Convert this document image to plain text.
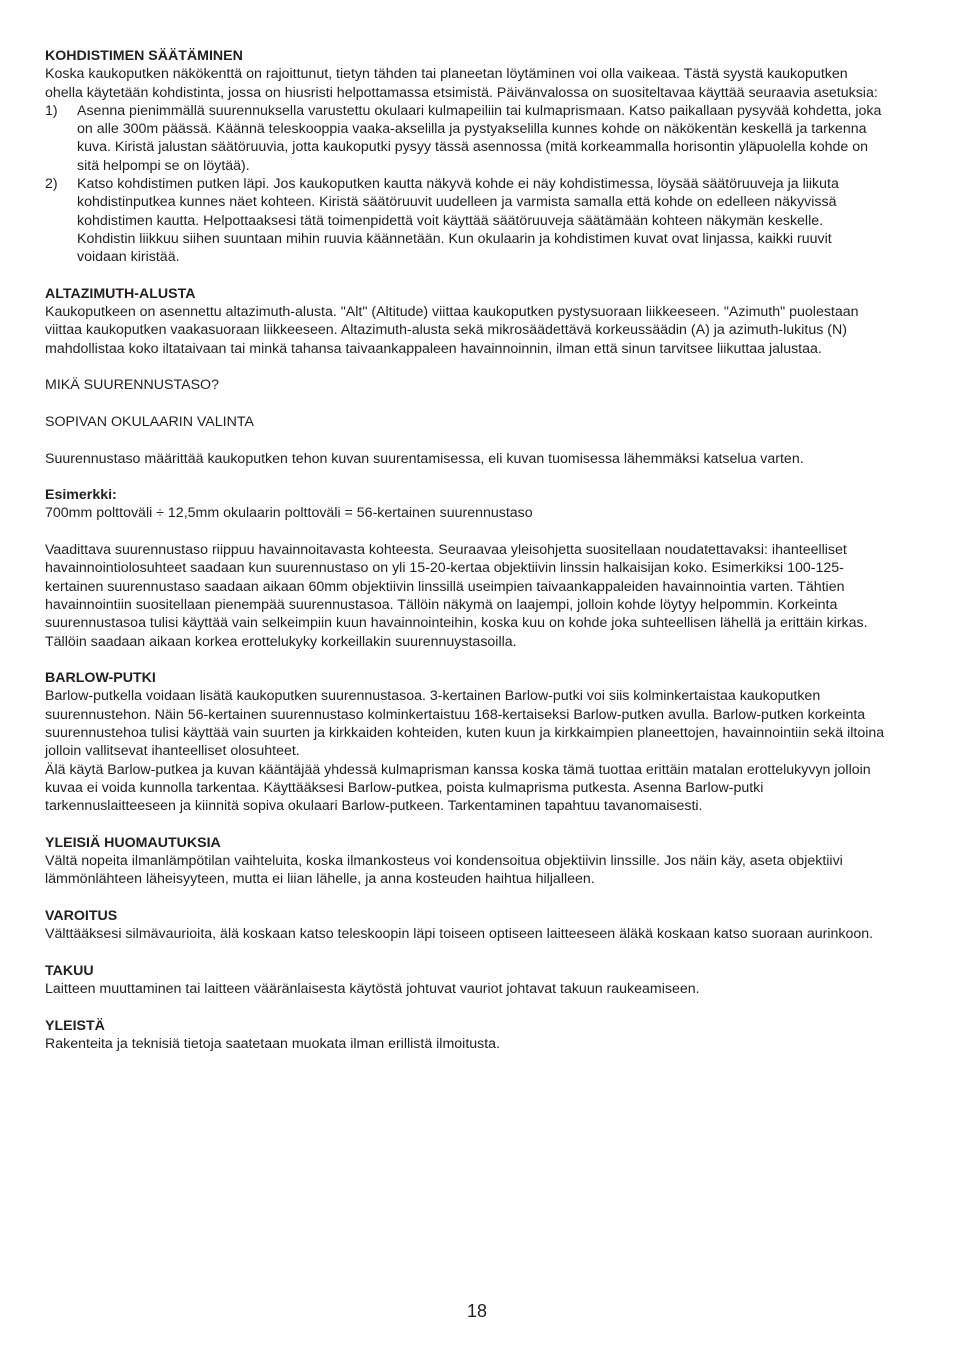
KOHDISTIMEN SÄÄTÄMINEN

Koska kaukoputken näkökenttä on rajoittunut, tietyn tähden tai planeetan löytäminen voi olla vaikeaa. Tästä syystä kaukoputken ohella käytetään kohdistinta, jossa on hiusristi helpottamassa etsimistä. Päivänvalossa on suositeltavaa käyttää seuraavia asetuksia:

1) Asenna pienimmällä suurennuksella varustettu okulaari kulmapeiliin tai kulmaprismaan. Katso paikallaan pysyvää kohdetta, joka on alle 300m päässä. Käännä teleskooppia vaaka-akselilla ja pystyakselilla kunnes kohde on näkökentän keskellä ja tarkenna kuva. Kiristä jalustan säätöruuvia, jotta kaukoputki pysyy tässä asennossa (mitä korkeammalla horisontin yläpuolella kohde on sitä helpompi se on löytää).
2) Katso kohdistimen putken läpi. Jos kaukoputken kautta näkyvä kohde ei näy kohdistimessa, löysää säätöruuveja ja liikuta kohdistinputkea kunnes näet kohteen. Kiristä säätöruuvit uudelleen ja varmista samalla että kohde on edelleen näkyvissä kohdistimen kautta. Helpottaaksesi tätä toimenpidettä voit käyttää säätöruuveja säätämään kohteen näkymän keskelle. Kohdistin liikkuu siihen suuntaan mihin ruuvia käännetään. Kun okulaarin ja kohdistimen kuvat ovat linjassa, kaikki ruuvit voidaan kiristää.

ALTAZIMUTH-ALUSTA

Kaukoputkeen on asennettu altazimuth-alusta. "Alt" (Altitude) viittaa kaukoputken pystysuoraan liikkeeseen. "Azimuth" puolestaan viittaa kaukoputken vaakasuoraan liikkeeseen. Altazimuth-alusta sekä mikrosäädettävä korkeussäädin (A) ja azimuth-lukitus (N) mahdollistaa koko iltataivaan tai minkä tahansa taivaankappaleen havainnoinnin, ilman että sinun tarvitsee liikuttaa jalustaa.

MIKÄ SUURENNUSTASO?

SOPIVAN OKULAARIN VALINTA

Suurennustaso määrittää kaukoputken tehon kuvan suurentamisessa, eli kuvan tuomisessa lähemmäksi katselua varten.

Esimerkki:

700mm polttoväli ÷ 12,5mm okulaarin polttoväli = 56-kertainen suurennustaso

Vaadittava suurennustaso riippuu havainnoitavasta kohteesta. Seuraavaa yleisohjetta suositellaan noudatettavaksi: ihanteelliset havainnointiolosuhteet saadaan kun suurennustaso on yli 15-20-kertaa objektiivin linssin halkaisijan koko. Esimerkiksi 100-125-kertainen suurennustaso saadaan aikaan 60mm objektiivin linssillä useimpien taivaankappaleiden havainnointia varten. Tähtien havainnointiin suositellaan pienempää suurennustasoa. Tällöin näkymä on laajempi, jolloin kohde löytyy helpommin. Korkeinta suurennustasoa tulisi käyttää vain selkeimpiin kuun havainnointeihin, koska kuu on kohde joka suhteellisen lähellä ja erittäin kirkas. Tällöin saadaan aikaan korkea erottelukyky korkeillakin suurennuystasoilla.

BARLOW-PUTKI

Barlow-putkella voidaan lisätä kaukoputken suurennustasoa. 3-kertainen Barlow-putki voi siis kolminkertaistaa kaukoputken suurennustehon. Näin 56-kertainen suurennustaso kolminkertaistuu 168-kertaiseksi Barlow-putken avulla. Barlow-putken korkeinta suurennustehoa tulisi käyttää vain suurten ja kirkkaiden kohteiden, kuten kuun ja kirkkaimpien planeettojen, havainnointiin sekä iltoina jolloin vallitsevat ihanteelliset olosuhteet.

Älä käytä Barlow-putkea ja kuvan kääntäjää yhdessä kulmaprisman kanssa koska tämä tuottaa erittäin matalan erottelukyvyn jolloin kuvaa ei voida kunnolla tarkentaa. Käyttääksesi Barlow-putkea, poista kulmaprisma putkesta. Asenna Barlow-putki tarkennuslaitteeseen ja kiinnitä sopiva okulaari Barlow-putkeen. Tarkentaminen tapahtuu tavanomaisesti.

YLEISIÄ HUOMAUTUKSIA

Vältä nopeita ilmanlämpötilan vaihteluita, koska ilmankosteus voi kondensoitua objektiivin linssille. Jos näin käy, aseta objektiivi lämmönlähteen läheisyyteen, mutta ei liian lähelle, ja anna kosteuden haihtua hiljalleen.

VAROITUS

Välttääksesi silmävaurioita, älä koskaan katso teleskoopin läpi toiseen optiseen laitteeseen äläkä koskaan katso suoraan aurinkoon.

TAKUU

Laitteen muuttaminen tai laitteen vääränlaisesta käytöstä johtuvat vauriot johtavat takuun raukeamiseen.

YLEISTÄ

Rakenteita ja teknisiä tietoja saatetaan muokata ilman erillistä ilmoitusta.

18
